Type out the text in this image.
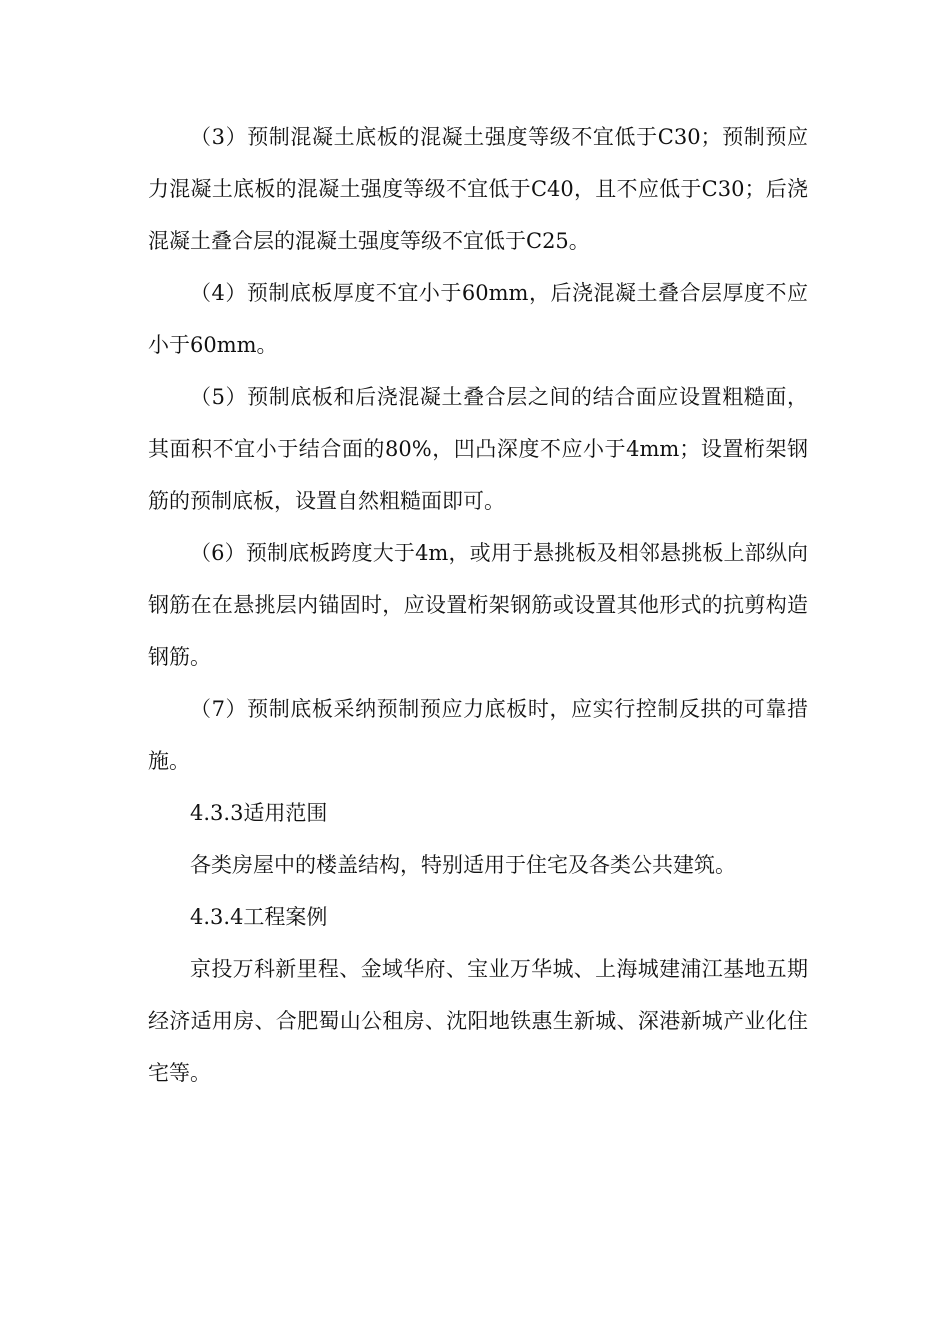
（3）预制混凝土底板的混凝土强度等级不宜低于C30；预制预应力混凝土底板的混凝土强度等级不宜低于C40，且不应低于C30；后浇混凝土叠合层的混凝土强度等级不宜低于C25。

（4）预制底板厚度不宜小于60mm，后浇混凝土叠合层厚度不应小于60mm。

（5）预制底板和后浇混凝土叠合层之间的结合面应设置粗糙面，其面积不宜小于结合面的80%，凹凸深度不应小于4mm；设置桁架钢筋的预制底板，设置自然粗糙面即可。

（6）预制底板跨度大于4m，或用于悬挑板及相邻悬挑板上部纵向钢筋在在悬挑层内锚固时，应设置桁架钢筋或设置其他形式的抗剪构造钢筋。

（7）预制底板采纳预制预应力底板时，应实行控制反拱的可靠措施。

4.3.3适用范围

各类房屋中的楼盖结构，特别适用于住宅及各类公共建筑。

4.3.4工程案例

京投万科新里程、金域华府、宝业万华城、上海城建浦江基地五期经济适用房、合肥蜀山公租房、沈阳地铁惠生新城、深港新城产业化住宅等。
